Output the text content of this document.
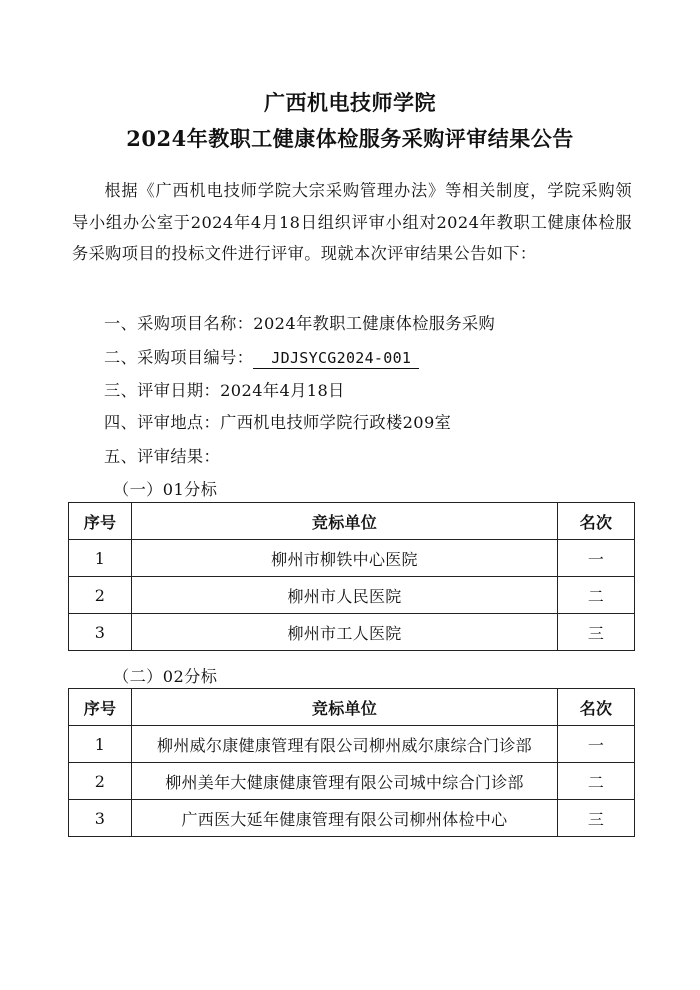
广西机电技师学院
2024年教职工健康体检服务采购评审结果公告
根据《广西机电技师学院大宗采购管理办法》等相关制度，学院采购领导小组办公室于2024年4月18日组织评审小组对2024年教职工健康体检服务采购项目的投标文件进行评审。现就本次评审结果公告如下：
一、采购项目名称：2024年教职工健康体检服务采购
二、采购项目编号： JDJSYCG2024-001
三、评审日期：2024年4月18日
四、评审地点：广西机电技师学院行政楼209室
五、评审结果：
（一）01分标
序号	竞标单位	名次
1	柳州市柳铁中心医院	一
2	柳州市人民医院	二
3	柳州市工人医院	三
（二）02分标
序号	竞标单位	名次
1	柳州威尔康健康管理有限公司柳州威尔康综合门诊部	一
2	柳州美年大健康健康管理有限公司城中综合门诊部	二
3	广西医大延年健康管理有限公司柳州体检中心	三
